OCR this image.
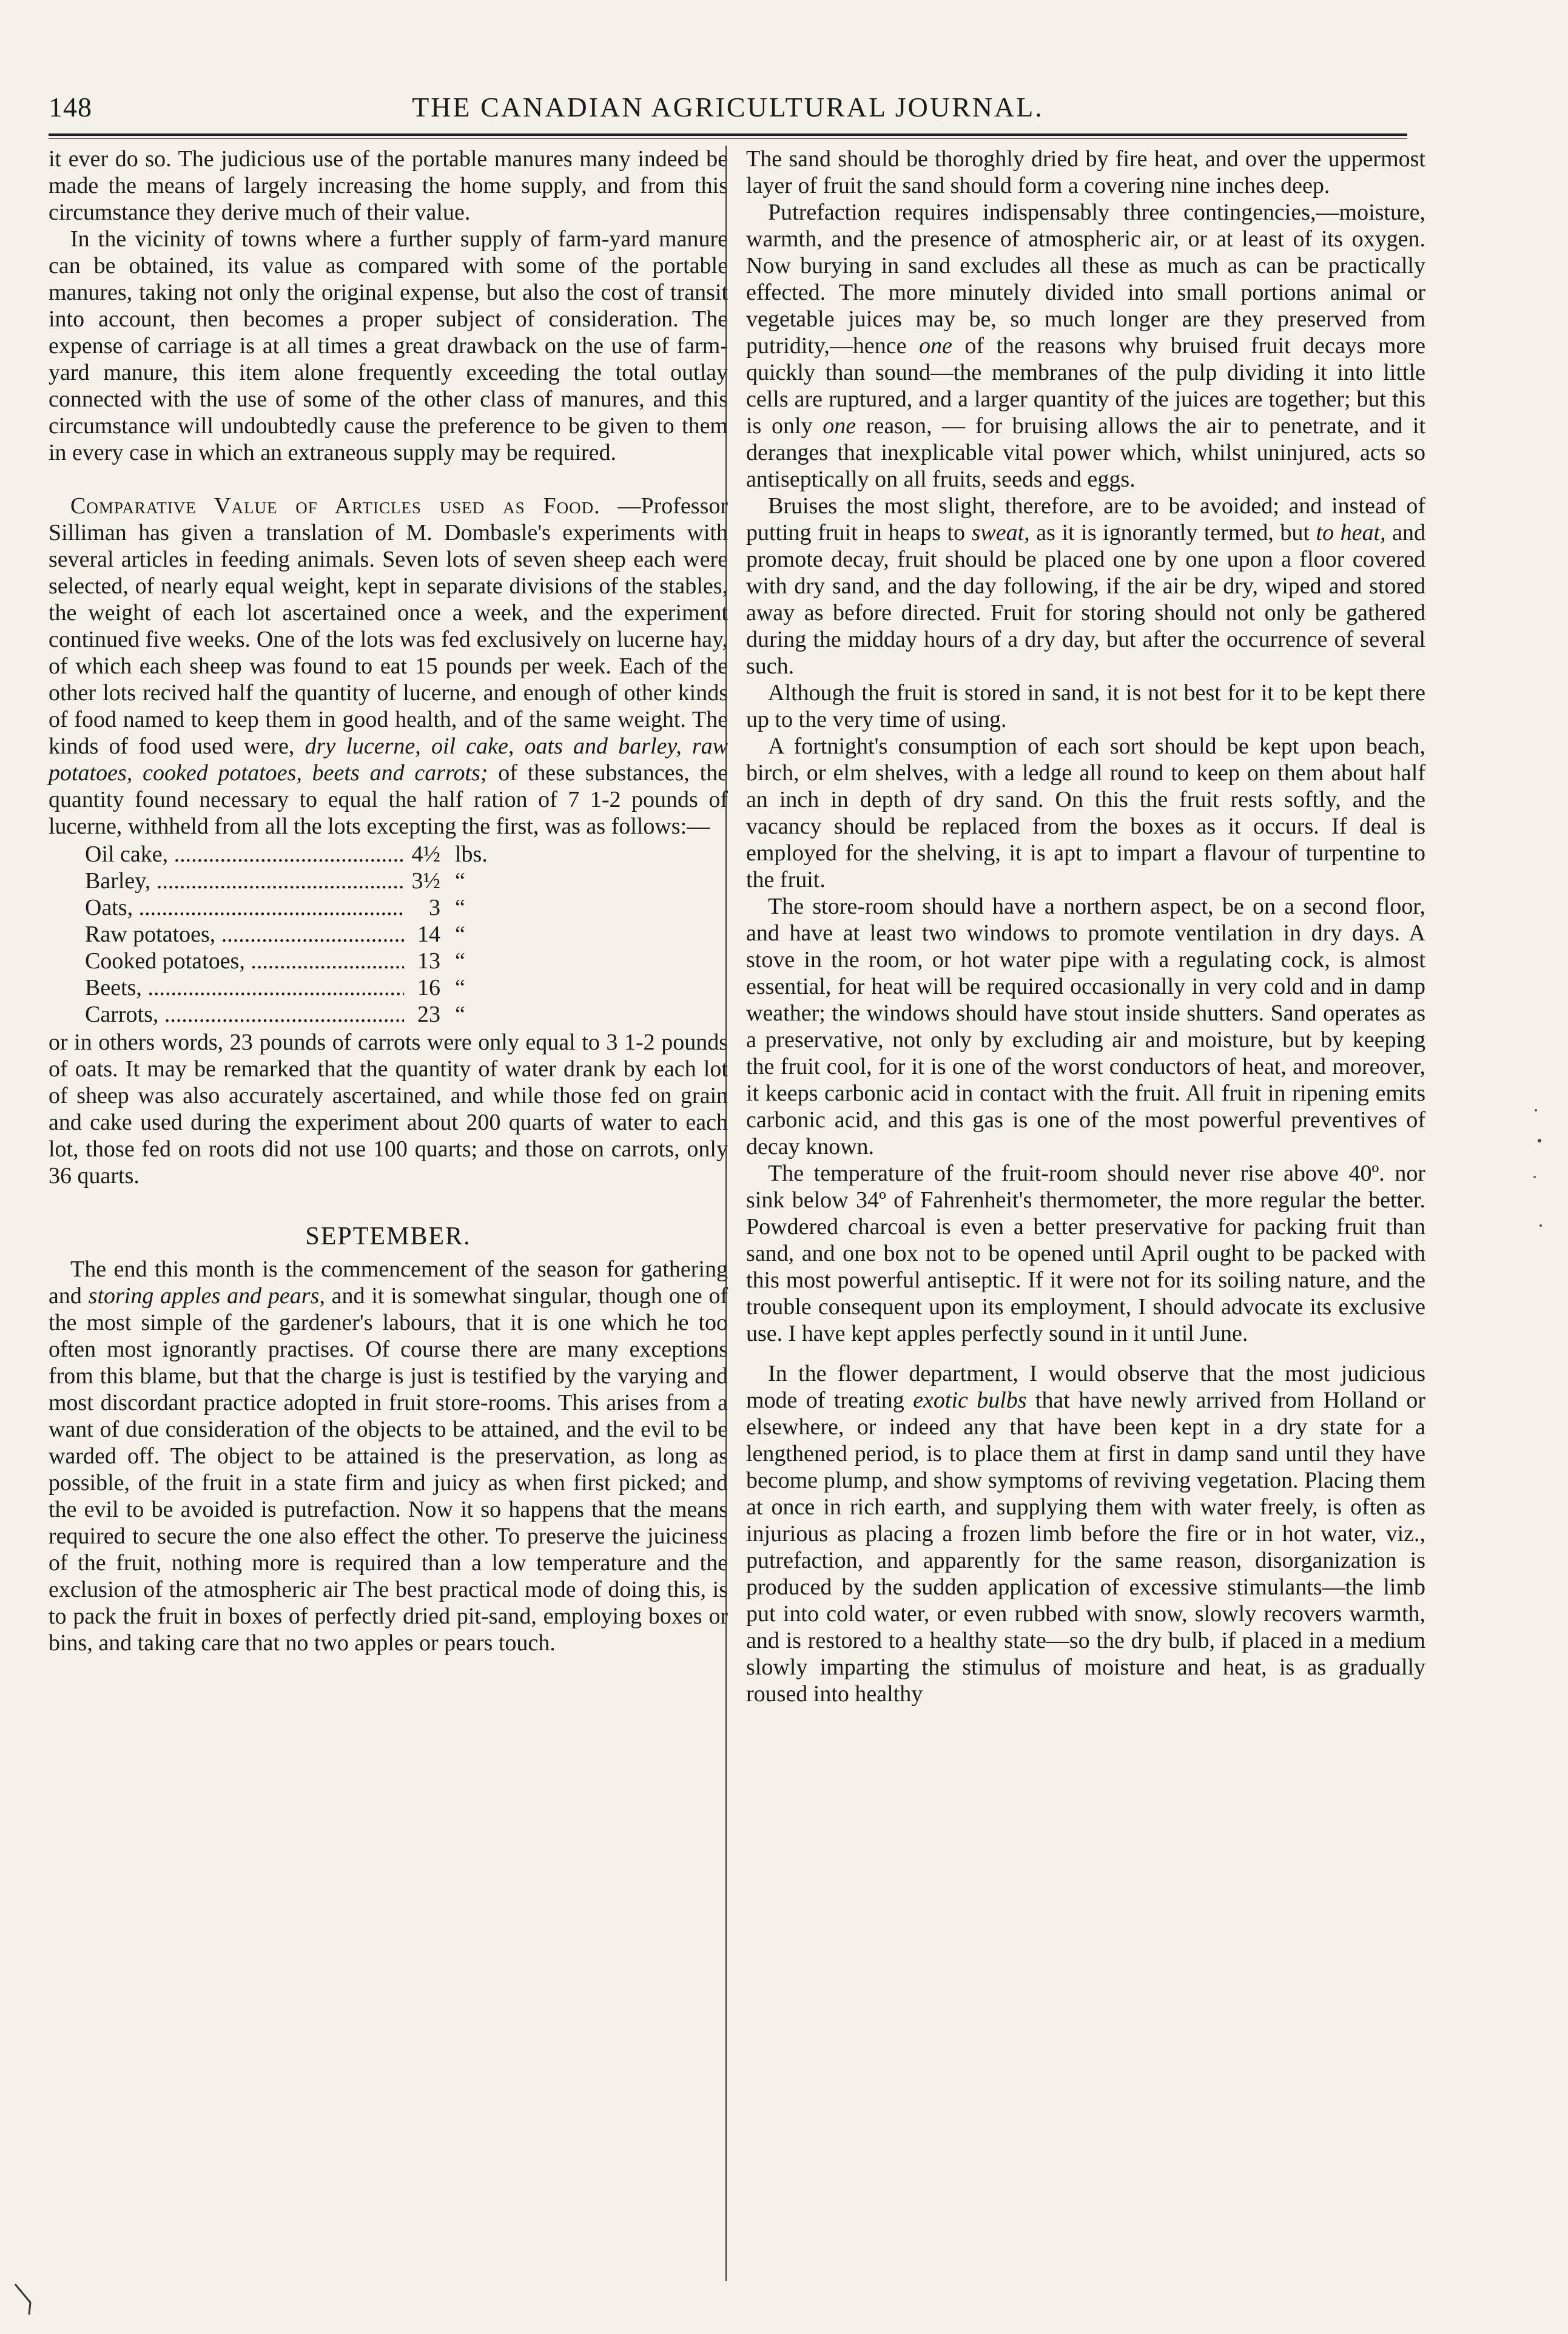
148	THE CANADIAN AGRICULTURAL JOURNAL.

it ever do so. The judicious use of the portable manures many indeed be made the means of largely increasing the home supply, and from this circumstance they derive much of their value.

In the vicinity of towns where a further supply of farm-yard manure can be obtained, its value as compared with some of the portable manures, taking not only the original expense, but also the cost of transit into account, then becomes a proper subject of consideration. The expense of carriage is at all times a great drawback on the use of farm-yard manure, this item alone frequently exceeding the total outlay connected with the use of some of the other class of manures, and this circumstance will undoubtedly cause the preference to be given to them in every case in which an extraneous supply may be required.

Comparative Value of Articles used as Food. —Professor Silliman has given a translation of M. Dombasle's experiments with several articles in feeding animals. Seven lots of seven sheep each were selected, of nearly equal weight, kept in separate divisions of the stables, the weight of each lot ascertained once a week, and the experiment continued five weeks. One of the lots was fed exclusively on lucerne hay, of which each sheep was found to eat 15 pounds per week. Each of the other lots recived half the quantity of lucerne, and enough of other kinds of food named to keep them in good health, and of the same weight. The kinds of food used were, dry lucerne, oil cake, oats and barley, raw potatoes, cooked potatoes, beets and carrots; of these substances, the quantity found necessary to equal the half ration of 7 1-2 pounds of lucerne, withheld from all the lots excepting the first, was as follows:—

Oil cake, .....	4½ lbs.
Barley, .....	3½ “
Oats, .....	3 “
Raw potatoes, .....	14 “
Cooked potatoes, .....	13 “
Beets, .....	16 “
Carrots, .....	23 “

or in others words, 23 pounds of carrots were only equal to 3 1-2 pounds of oats. It may be remarked that the quantity of water drank by each lot of sheep was also accurately ascertained, and while those fed on grain and cake used during the experiment about 200 quarts of water to each lot, those fed on roots did not use 100 quarts; and those on carrots, only 36 quarts.

SEPTEMBER.

The end this month is the commencement of the season for gathering and storing apples and pears, and it is somewhat singular, though one of the most simple of the gardener's labours, that it is one which he too often most ignorantly practises. Of course there are many exceptions from this blame, but that the charge is just is testified by the varying and most discordant practice adopted in fruit store-rooms. This arises from a want of due consideration of the objects to be attained, and the evil to be warded off. The object to be attained is the preservation, as long as possible, of the fruit in a state firm and juicy as when first picked; and the evil to be avoided is putrefaction. Now it so happens that the means required to secure the one also effect the other. To preserve the juiciness of the fruit, nothing more is required than a low temperature and the exclusion of the atmospheric air The best practical mode of doing this, is to pack the fruit in boxes of perfectly dried pit-sand, employing boxes or bins, and taking care that no two apples or pears touch.

The sand should be thoroghly dried by fire heat, and over the uppermost layer of fruit the sand should form a covering nine inches deep.

Putrefaction requires indispensably three contingencies,—moisture, warmth, and the presence of atmospheric air, or at least of its oxygen. Now burying in sand excludes all these as much as can be practically effected. The more minutely divided into small portions animal or vegetable juices may be, so much longer are they preserved from putridity,—hence one of the reasons why bruised fruit decays more quickly than sound—the membranes of the pulp dividing it into little cells are ruptured, and a larger quantity of the juices are together; but this is only one reason, — for bruising allows the air to penetrate, and it deranges that inexplicable vital power which, whilst uninjured, acts so antiseptically on all fruits, seeds and eggs.

Bruises the most slight, therefore, are to be avoided; and instead of putting fruit in heaps to sweat, as it is ignorantly termed, but to heat, and promote decay, fruit should be placed one by one upon a floor covered with dry sand, and the day following, if the air be dry, wiped and stored away as before directed. Fruit for storing should not only be gathered during the midday hours of a dry day, but after the occurrence of several such.

Although the fruit is stored in sand, it is not best for it to be kept there up to the very time of using.

A fortnight's consumption of each sort should be kept upon beach, birch, or elm shelves, with a ledge all round to keep on them about half an inch in depth of dry sand. On this the fruit rests softly, and the vacancy should be replaced from the boxes as it occurs. If deal is employed for the shelving, it is apt to impart a flavour of turpentine to the fruit.

The store-room should have a northern aspect, be on a second floor, and have at least two windows to promote ventilation in dry days. A stove in the room, or hot water pipe with a regulating cock, is almost essential, for heat will be required occasionally in very cold and in damp weather; the windows should have stout inside shutters. Sand operates as a preservative, not only by excluding air and moisture, but by keeping the fruit cool, for it is one of the worst conductors of heat, and moreover, it keeps carbonic acid in contact with the fruit. All fruit in ripening emits carbonic acid, and this gas is one of the most powerful preventives of decay known.

The temperature of the fruit-room should never rise above 40º. nor sink below 34º of Fahrenheit's thermometer, the more regular the better. Powdered charcoal is even a better preservative for packing fruit than sand, and one box not to be opened until April ought to be packed with this most powerful antiseptic. If it were not for its soiling nature, and the trouble consequent upon its employment, I should advocate its exclusive use. I have kept apples perfectly sound in it until June.

In the flower department, I would observe that the most judicious mode of treating exotic bulbs that have newly arrived from Holland or elsewhere, or indeed any that have been kept in a dry state for a lengthened period, is to place them at first in damp sand until they have become plump, and show symptoms of reviving vegetation. Placing them at once in rich earth, and supplying them with water freely, is often as injurious as placing a frozen limb before the fire or in hot water, viz., putrefaction, and apparently for the same reason, disorganization is produced by the sudden application of excessive stimulants—the limb put into cold water, or even rubbed with snow, slowly recovers warmth, and is restored to a healthy state—so the dry bulb, if placed in a medium slowly imparting the stimulus of moisture and heat, is as gradually roused into healthy
